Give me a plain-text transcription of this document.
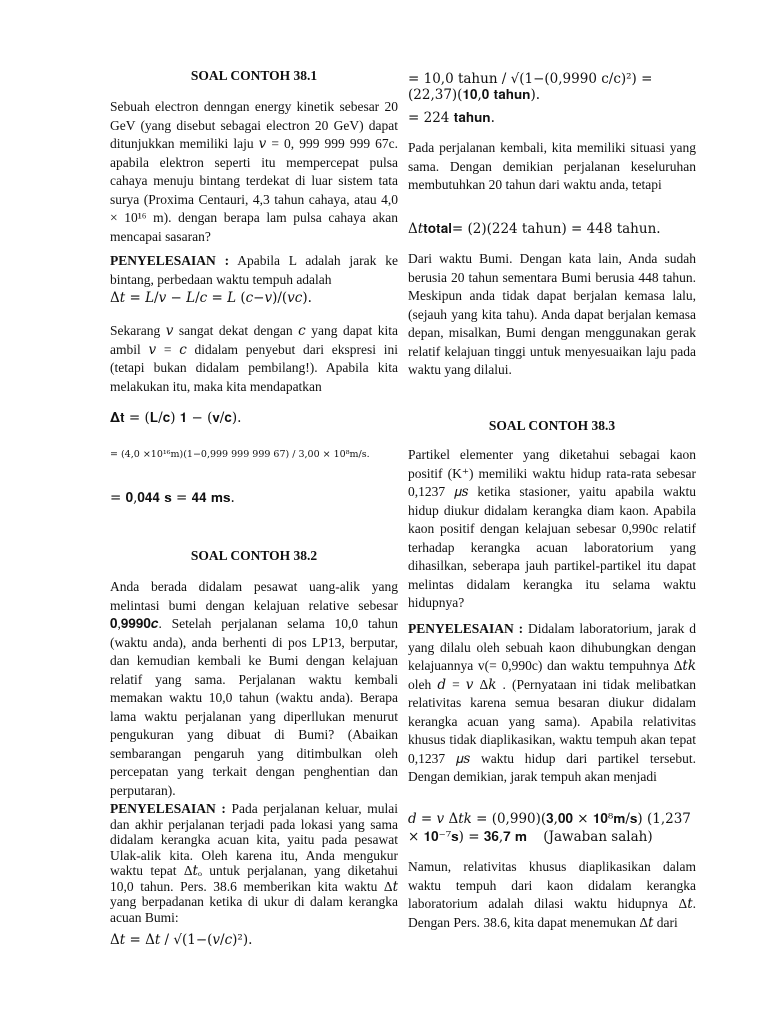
SOAL CONTOH 38.1

Sebuah electron denngan energy kinetik sebesar 20 GeV (yang disebut sebagai electron 20 GeV) dapat ditunjukkan memiliki laju 𝑣 = 0, 999 999 999 67c. apabila elektron seperti itu mempercepat pulsa cahaya menuju bintang terdekat di luar sistem tata surya (Proxima Centauri, 4,3 tahun cahaya, atau 4,0 × 10¹⁶ m). dengan berapa lam pulsa cahaya akan mencapai sasaran?

PENYELESAIAN : Apabila L adalah jarak ke bintang, perbedaan waktu tempuh adalah

Δ𝑡 = 𝐿/𝑣 − 𝐿/𝑐 = 𝐿 (𝑐−𝑣)/(𝑣𝑐).

Sekarang 𝑣 sangat dekat dengan 𝑐 yang dapat kita ambil 𝑣 = 𝑐 didalam penyebut dari ekspresi ini (tetapi bukan didalam pembilang!). Apabila kita melakukan itu, maka kita mendapatkan

𝚫𝐭 = (𝐋/𝐜) 𝟏 − (𝐯/𝐜).
= (4,0 ×10¹⁶m)(1−0,999 999 999 67) / 3,00 × 10⁸m/s.
= 𝟎,𝟎𝟒𝟒 𝐬 = 𝟒𝟒 𝐦𝐬.
SOAL CONTOH 38.2

Anda berada didalam pesawat uang-alik yang melintasi bumi dengan kelajuan relative sebesar 𝟎,𝟗𝟗𝟗𝟎𝒄. Setelah perjalanan selama 10,0 tahun (waktu anda), anda berhenti di pos LP13, berputar, dan kemudian kembali ke Bumi dengan kelajuan relatif yang sama. Perjalanan waktu kembali memakan waktu 10,0 tahun (waktu anda). Berapa lama waktu perjalanan yang diperllukan menurut pengukuran yang dibuat di Bumi? (Abaikan sembarangan pengaruh yang ditimbulkan oleh percepatan yang terkait dengan penghentian dan perputaran).

PENYELESAIAN : Pada perjalanan keluar, mulai dan akhir perjalanan terjadi pada lokasi yang sama didalam kerangka acuan kita, yaitu pada pesawat Ulak-alik kita. Oleh karena itu, Anda mengukur waktu tepat Δ𝑡ₒ untuk perjalanan, yang diketahui 10,0 tahun. Pers. 38.6 memberikan kita waktu Δ𝑡 yang berpadanan ketika di ukur di dalam kerangka acuan Bumi:

Δ𝑡 = Δ𝑡 / √(1−(𝑣/𝑐)²).
= 10,0 tahun / √(1−(0,9990 c/c)²) = (22,37)(𝟏𝟎,𝟎 𝐭𝐚𝐡𝐮𝐧).
= 224 𝐭𝐚𝐡𝐮𝐧.

Pada perjalanan kembali, kita memiliki situasi yang sama. Dengan demikian perjalanan keseluruhan membutuhkan 20 tahun dari waktu anda, tetapi

Δ𝑡𝐭𝐨𝐭𝐚𝐥= (2)(224 tahun) = 448 tahun.

Dari waktu Bumi. Dengan kata lain, Anda sudah berusia 20 tahun sementara Bumi berusia 448 tahun. Meskipun anda tidak dapat berjalan kemasa lalu, (sejauh yang kita tahu). Anda dapat berjalan kemasa depan, misalkan, Bumi dengan menggunakan gerak relatif kelajuan tinggi untuk menyesuaikan laju pada waktu yang dilalui.

SOAL CONTOH 38.3

Partikel elementer yang diketahui sebagai kaon positif (K⁺) memiliki waktu hidup rata-rata sebesar 0,1237 𝜇𝑠 ketika stasioner, yaitu apabila waktu hidup diukur didalam kerangka diam kaon. Apabila kaon positif dengan kelajuan sebesar 0,990c relatif terhadap kerangka acuan laboratorium yang dihasilkan, seberapa jauh partikel-partikel itu dapat melintas didalam kerangka itu selama waktu hidupnya?

PENYELESAIAN : Didalam laboratorium, jarak d yang dilalu oleh sebuah kaon dihubungkan dengan kelajuannya v(= 0,990c) dan waktu tempuhnya Δ𝑡𝑘 oleh 𝑑 = 𝑣 Δ𝑘 . (Pernyataan ini tidak melibatkan relativitas karena semua besaran diukur didalam kerangka acuan yang sama). Apabila relativitas khusus tidak diaplikasikan, waktu tempuh akan tepat 0,1237 𝜇𝑠 waktu hidup dari partikel tersebut. Dengan demikian, jarak tempuh akan menjadi

𝑑 = 𝑣 Δ𝑡𝑘 = (0,990)(𝟑,𝟎𝟎 × 𝟏𝟎⁸𝐦/𝐬) (1,237 × 𝟏𝟎⁻⁷𝐬) = 𝟑𝟔,𝟕 𝐦 (Jawaban salah)

Namun, relativitas khusus diaplikasikan dalam waktu tempuh dari kaon didalam kerangka laboratorium adalah dilasi waktu hidupnya Δ𝑡. Dengan Pers. 38.6, kita dapat menemukan Δ𝑡 dari
